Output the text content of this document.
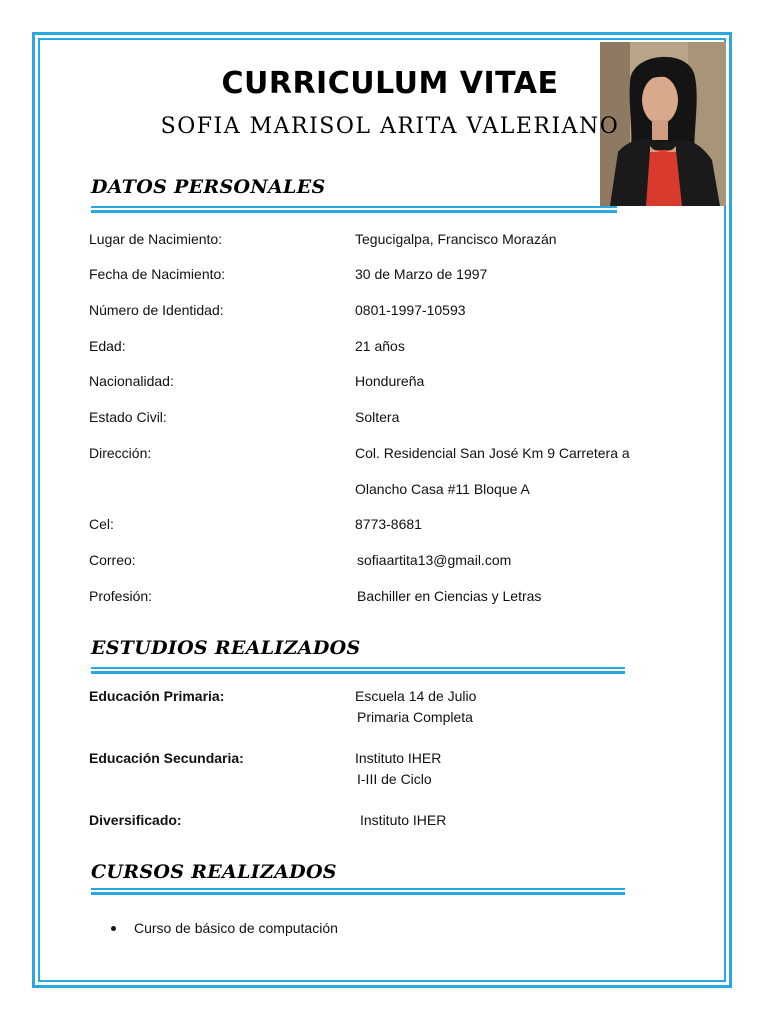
CURRICULUM VITAE
SOFIA MARISOL ARITA VALERIANO
DATOS PERSONALES
Lugar de Nacimiento:	Tegucigalpa, Francisco Morazán
Fecha de Nacimiento:	30 de Marzo de 1997
Número de Identidad:	0801-1997-10593
Edad:	21 años
Nacionalidad:	Hondureña
Estado Civil:	Soltera
Dirección:	Col. Residencial San José Km 9 Carretera a
Olancho Casa #11 Bloque A
Cel:	8773-8681
Correo:	sofiaartita13@gmail.com
Profesión:	Bachiller en Ciencias y Letras
ESTUDIOS REALIZADOS
Educación Primaria:	Escuela 14 de Julio
Primaria Completa
Educación Secundaria:	Instituto IHER
I-III de Ciclo
Diversificado:	Instituto IHER
CURSOS REALIZADOS
Curso de básico de computación
